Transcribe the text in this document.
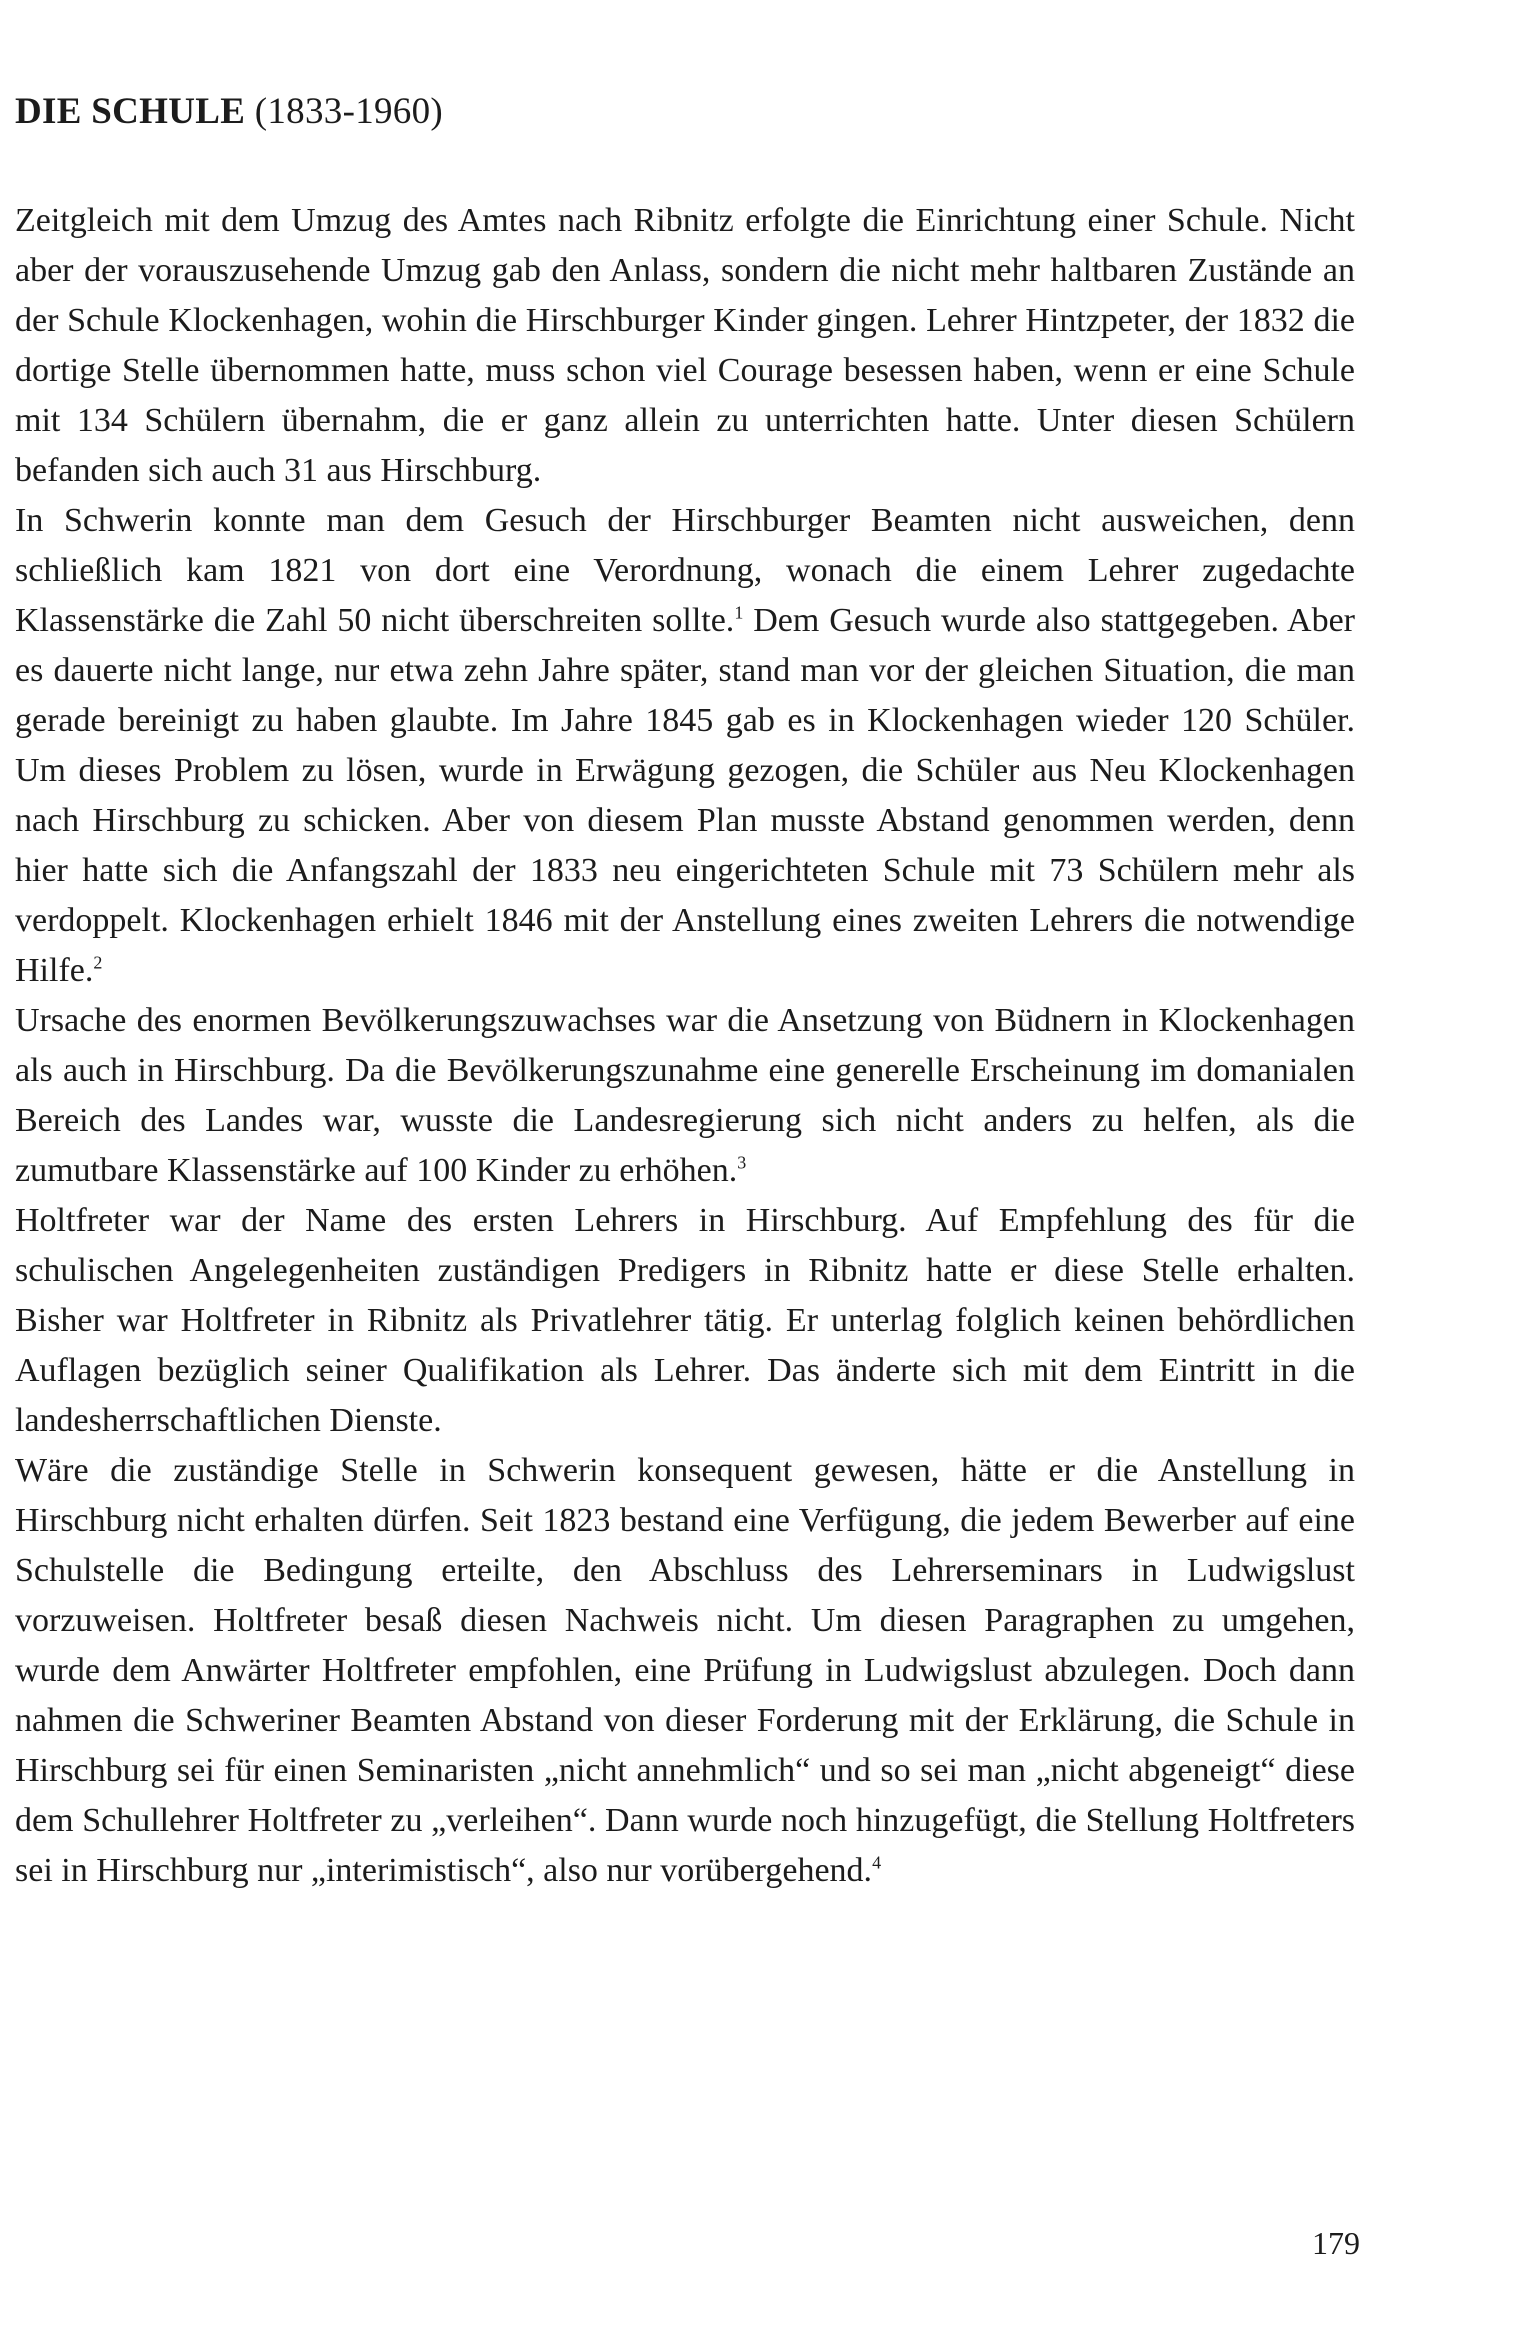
DIE SCHULE (1833-1960)

Zeitgleich mit dem Umzug des Amtes nach Ribnitz erfolgte die Einrichtung einer Schule. Nicht aber der vorauszusehende Umzug gab den Anlass, sondern die nicht mehr haltbaren Zustände an der Schule Klockenhagen, wohin die Hirschburger Kinder gingen. Lehrer Hintzpeter, der 1832 die dortige Stelle übernommen hatte, muss schon viel Courage besessen haben, wenn er eine Schule mit 134 Schülern übernahm, die er ganz allein zu unterrichten hatte. Unter diesen Schülern befanden sich auch 31 aus Hirschburg.

In Schwerin konnte man dem Gesuch der Hirschburger Beamten nicht ausweichen, denn schließlich kam 1821 von dort eine Verordnung, wonach die einem Lehrer zugedachte Klassenstärke die Zahl 50 nicht überschreiten sollte.$^1$ Dem Gesuch wurde also stattgegeben. Aber es dauerte nicht lange, nur etwa zehn Jahre später, stand man vor der gleichen Situation, die man gerade bereinigt zu haben glaubte. Im Jahre 1845 gab es in Klockenhagen wieder 120 Schüler. Um dieses Problem zu lösen, wurde in Erwägung gezogen, die Schüler aus Neu Klockenhagen nach Hirschburg zu schicken. Aber von diesem Plan musste Abstand genommen werden, denn hier hatte sich die Anfangszahl der 1833 neu eingerichteten Schule mit 73 Schülern mehr als verdoppelt. Klockenhagen erhielt 1846 mit der Anstellung eines zweiten Lehrers die notwendige Hilfe.$^2$

Ursache des enormen Bevölkerungszuwachses war die Ansetzung von Büdnern in Klockenhagen als auch in Hirschburg. Da die Bevölkerungszunahme eine generelle Erscheinung im domanialen Bereich des Landes war, wusste die Landesregierung sich nicht anders zu helfen, als die zumutbare Klassenstärke auf 100 Kinder zu erhöhen.$^3$

Holtfreter war der Name des ersten Lehrers in Hirschburg. Auf Empfehlung des für die schulischen Angelegenheiten zuständigen Predigers in Ribnitz hatte er diese Stelle erhalten. Bisher war Holtfreter in Ribnitz als Privatlehrer tätig. Er unterlag folglich keinen behördlichen Auflagen bezüglich seiner Qualifikation als Lehrer. Das änderte sich mit dem Eintritt in die landesherrschaftlichen Dienste.

Wäre die zuständige Stelle in Schwerin konsequent gewesen, hätte er die Anstellung in Hirschburg nicht erhalten dürfen. Seit 1823 bestand eine Verfügung, die jedem Bewerber auf eine Schulstelle die Bedingung erteilte, den Abschluss des Lehrerseminars in Ludwigslust vorzuweisen. Holtfreter besaß diesen Nachweis nicht. Um diesen Paragraphen zu umgehen, wurde dem Anwärter Holtfreter empfohlen, eine Prüfung in Ludwigslust abzulegen. Doch dann nahmen die Schweriner Beamten Abstand von dieser Forderung mit der Erklärung, die Schule in Hirschburg sei für einen Seminaristen „nicht annehmlich“ und so sei man „nicht abgeneigt“ diese dem Schullehrer Holtfreter zu „verleihen“. Dann wurde noch hinzugefügt, die Stellung Holtfreters sei in Hirschburg nur „interimistisch“, also nur vorübergehend.$^4$

179
